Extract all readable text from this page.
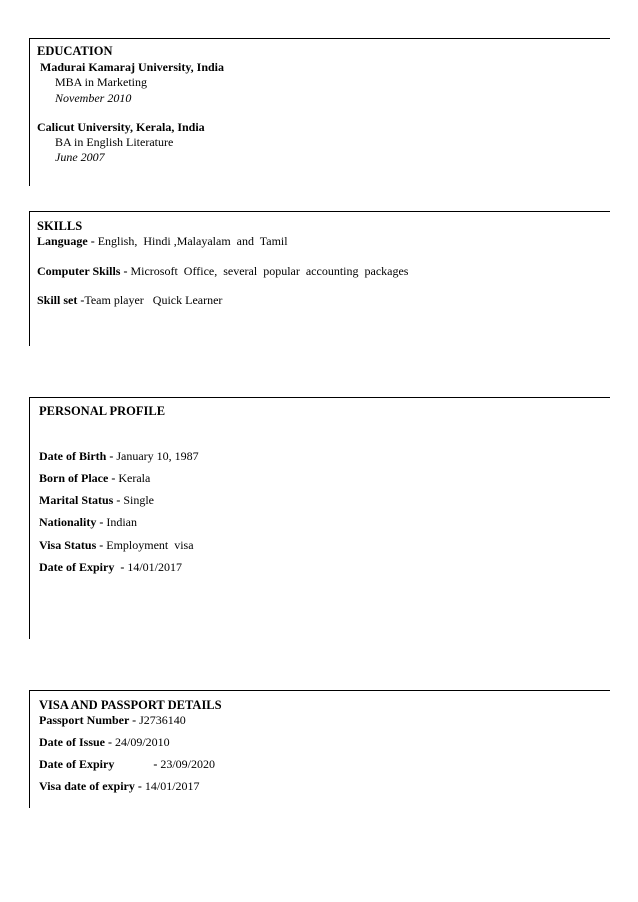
EDUCATION
Madurai Kamaraj University, India
MBA in Marketing
November 2010
Calicut University, Kerala, India
BA in English Literature
June 2007
SKILLS
Language - English,  Hindi ,Malayalam  and  Tamil
Computer Skills - Microsoft  Office,  several  popular  accounting  packages
Skill set -Team player   Quick Learner
PERSONAL PROFILE
Date of Birth - January 10, 1987
Born of Place - Kerala
Marital Status - Single
Nationality - Indian
Visa Status - Employment  visa
Date of Expiry  - 14/01/2017
VISA AND PASSPORT DETAILS
Passport Number - J2736140
Date of Issue - 24/09/2010
Date of Expiry             - 23/09/2020
Visa date of expiry - 14/01/2017
